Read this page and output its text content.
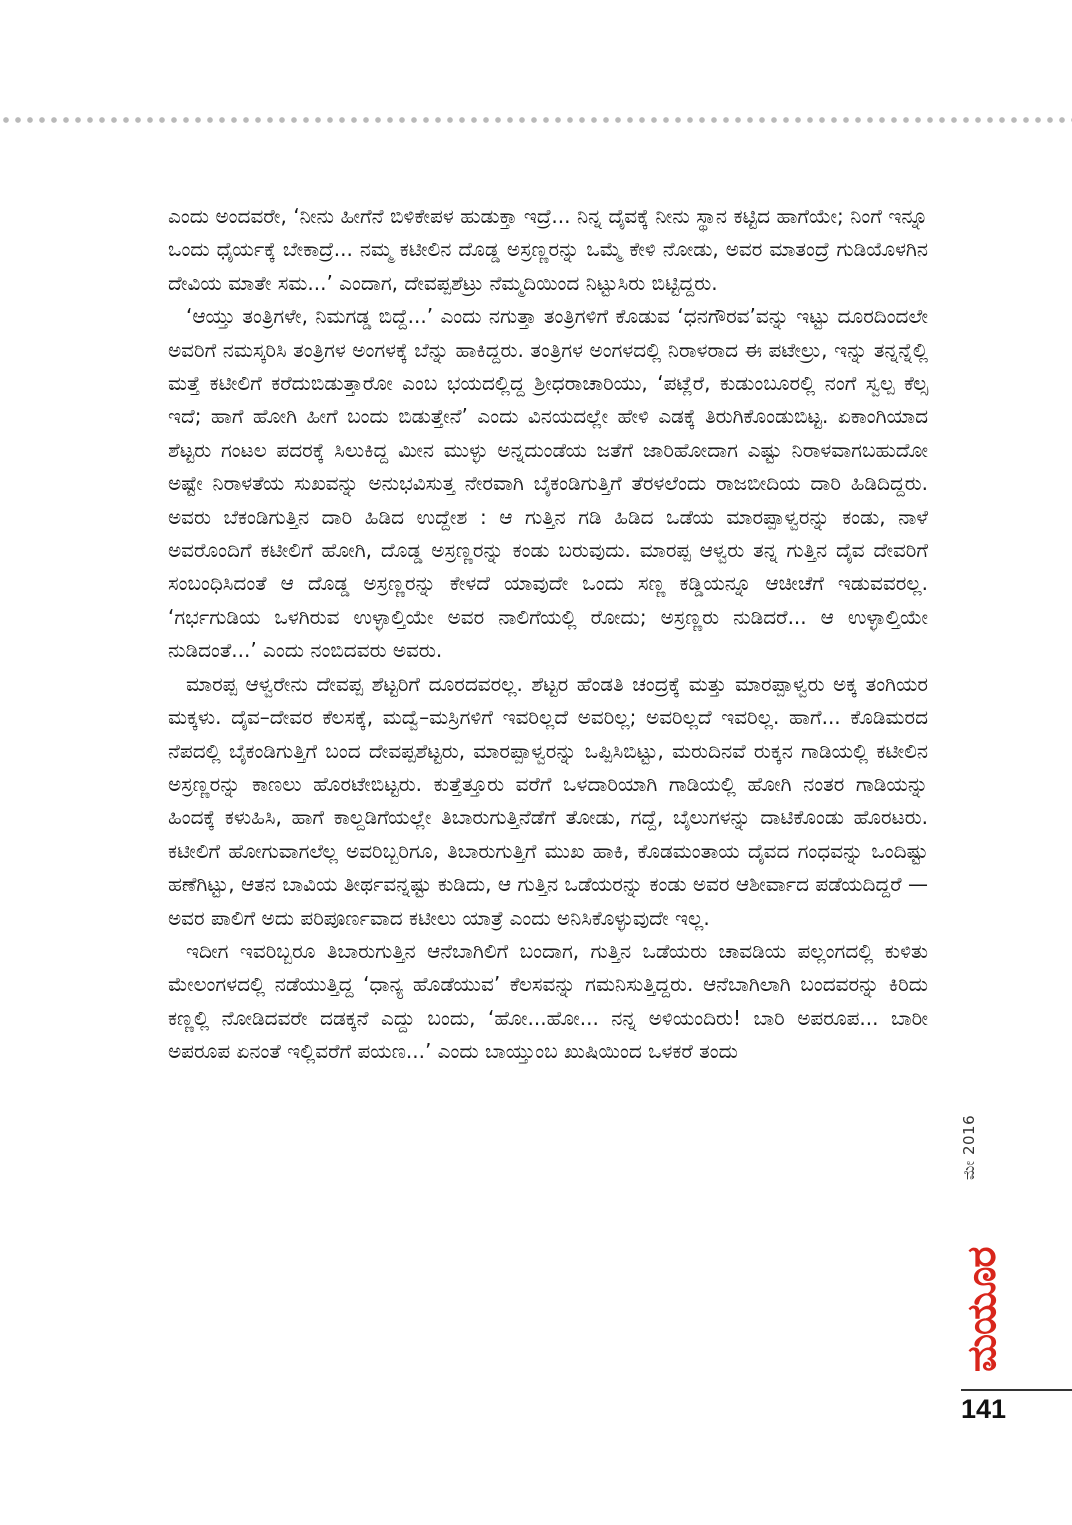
ಎಂದು ಅಂದವರೇ, ‘ನೀನು ಹೀಗೆನೆ ಬಿಳಿಕೇಪಳ ಹುಡುಕ್ತಾ ಇದ್ರೆ... ನಿನ್ನ ದೈವಕ್ಕೆ ನೀನು ಸ್ಥಾನ ಕಟ್ಟಿದ ಹಾಗೆಯೇ; ನಿಂಗೆ ಇನ್ನೂ ಒಂದು ಧೈರ್ಯಕ್ಕೆ ಬೇಕಾದ್ರೆ... ನಮ್ಮ ಕಟೀಲಿನ ದೊಡ್ಡ ಅಸ್ರಣ್ಣರನ್ನು ಒಮ್ಮೆ ಕೇಳಿ ನೋಡು, ಅವರ ಮಾತಂದ್ರೆ ಗುಡಿಯೊಳಗಿನ ದೇವಿಯ ಮಾತೇ ಸಮ...’ ಎಂದಾಗ, ದೇವಪ್ಪಶೆಟ್ರು ನೆಮ್ಮದಿಯಿಂದ ನಿಟ್ಟುಸಿರು ಬಿಟ್ಟಿದ್ದರು.

‘ಆಯ್ತು ತಂತ್ರಿಗಳೇ, ನಿಮಗಡ್ಡ ಬಿದ್ದೆ...’ ಎಂದು ನಗುತ್ತಾ ತಂತ್ರಿಗಳಿಗೆ ಕೊಡುವ ‘ಧನಗೌರವ’ವನ್ನು ಇಟ್ಟು ದೂರದಿಂದಲೇ ಅವರಿಗೆ ನಮಸ್ಕರಿಸಿ ತಂತ್ರಿಗಳ ಅಂಗಳಕ್ಕೆ ಬೆನ್ನು ಹಾಕಿದ್ದರು. ತಂತ್ರಿಗಳ ಅಂಗಳದಲ್ಲಿ ನಿರಾಳರಾದ ಈ ಪಟೇಲ್ರು, ಇನ್ನು ತನ್ನನ್ನೆಲ್ಲಿ ಮತ್ತೆ ಕಟೀಲಿಗೆ ಕರೆದುಬಿಡುತ್ತಾರೋ ಎಂಬ ಭಯದಲ್ಲಿದ್ದ ಶ್ರೀಧರಾಚಾರಿಯು, ‘ಪಟ್ಲೆರೆ, ಕುಡುಂಬೂರಲ್ಲಿ ನಂಗೆ ಸ್ವಲ್ಪ ಕೆಲ್ಸ ಇದೆ; ಹಾಗೆ ಹೋಗಿ ಹೀಗೆ ಬಂದು ಬಿಡುತ್ತೇನೆ’ ಎಂದು ವಿನಯದಲ್ಲೇ ಹೇಳಿ ಎಡಕ್ಕೆ ತಿರುಗಿಕೊಂಡುಬಿಟ್ಟ. ಏಕಾಂಗಿಯಾದ ಶೆಟ್ಟರು ಗಂಟಲ ಪದರಕ್ಕೆ ಸಿಲುಕಿದ್ದ ಮೀನ ಮುಳ್ಳು ಅನ್ನದುಂಡೆಯ ಜತೆಗೆ ಜಾರಿಹೋದಾಗ ಎಷ್ಟು ನಿರಾಳವಾಗಬಹುದೋ ಅಷ್ಟೇ ನಿರಾಳತೆಯ ಸುಖವನ್ನು ಅನುಭವಿಸುತ್ತ ನೇರವಾಗಿ ಬೈಕಂಡಿಗುತ್ತಿಗೆ ತೆರಳಲೆಂದು ರಾಜಬೀದಿಯ ದಾರಿ ಹಿಡಿದಿದ್ದರು. ಅವರು ಬೆಕಂಡಿಗುತ್ತಿನ ದಾರಿ ಹಿಡಿದ ಉದ್ದೇಶ : ಆ ಗುತ್ತಿನ ಗಡಿ ಹಿಡಿದ ಒಡೆಯ ಮಾರಪ್ಪಾಳ್ವರನ್ನು ಕಂಡು, ನಾಳೆ ಅವರೊಂದಿಗೆ ಕಟೀಲಿಗೆ ಹೋಗಿ, ದೊಡ್ಡ ಅಸ್ರಣ್ಣರನ್ನು ಕಂಡು ಬರುವುದು. ಮಾರಪ್ಪ ಆಳ್ವರು ತನ್ನ ಗುತ್ತಿನ ದೈವ ದೇವರಿಗೆ ಸಂಬಂಧಿಸಿದಂತೆ ಆ ದೊಡ್ಡ ಅಸ್ರಣ್ಣರನ್ನು ಕೇಳದೆ ಯಾವುದೇ ಒಂದು ಸಣ್ಣ ಕಡ್ಡಿಯನ್ನೂ ಆಚೀಚೆಗೆ ಇಡುವವರಲ್ಲ. ‘ಗರ್ಭಗುಡಿಯ ಒಳಗಿರುವ ಉಳ್ಳಾಲ್ತಿಯೇ ಅವರ ನಾಲಿಗೆಯಲ್ಲಿ ರೋದು; ಅಸ್ರಣ್ಣರು ನುಡಿದರೆ... ಆ ಉಳ್ಳಾಲ್ತಿಯೇ ನುಡಿದಂತೆ...’ ಎಂದು ನಂಬಿದವರು ಅವರು.

ಮಾರಪ್ಪ ಆಳ್ವರೇನು ದೇವಪ್ಪ ಶೆಟ್ಟರಿಗೆ ದೂರದವರಲ್ಲ. ಶೆಟ್ಟರ ಹೆಂಡತಿ ಚಂದ್ರಕ್ಕೆ ಮತ್ತು ಮಾರಪ್ಪಾಳ್ವರು ಅಕ್ಕ ತಂಗಿಯರ ಮಕ್ಕಳು. ದೈವ–ದೇವರ ಕೆಲಸಕ್ಕೆ, ಮದ್ವೆ–ಮಸ್ರಿಗಳಿಗೆ ಇವರಿಲ್ಲದೆ ಅವರಿಲ್ಲ; ಅವರಿಲ್ಲದೆ ಇವರಿಲ್ಲ. ಹಾಗೆ... ಕೊಡಿಮರದ ನೆಪದಲ್ಲಿ ಬೈಕಂಡಿಗುತ್ತಿಗೆ ಬಂದ ದೇವಪ್ಪಶೆಟ್ಟರು, ಮಾರಪ್ಪಾಳ್ವರನ್ನು ಒಪ್ಪಿಸಿಬಿಟ್ಟು, ಮರುದಿನವೆ ರುಕ್ಕನ ಗಾಡಿಯಲ್ಲಿ ಕಟೀಲಿನ ಅಸ್ರಣ್ಣರನ್ನು ಕಾಣಲು ಹೊರಟೇಬಿಟ್ಟರು. ಕುತ್ತೆತ್ತೂರು ವರೆಗೆ ಒಳದಾರಿಯಾಗಿ ಗಾಡಿಯಲ್ಲಿ ಹೋಗಿ ನಂತರ ಗಾಡಿಯನ್ನು ಹಿಂದಕ್ಕೆ ಕಳುಹಿಸಿ, ಹಾಗೆ ಕಾಲ್ದಡಿಗೆಯಲ್ಲೇ ತಿಬಾರುಗುತ್ತಿನೆಡೆಗೆ ತೋಡು, ಗದ್ದೆ, ಬೈಲುಗಳನ್ನು ದಾಟಿಕೊಂಡು ಹೊರಟರು. ಕಟೀಲಿಗೆ ಹೋಗುವಾಗಲೆಲ್ಲ ಅವರಿಬ್ಬರಿಗೂ, ತಿಬಾರುಗುತ್ತಿಗೆ ಮುಖ ಹಾಕಿ, ಕೊಡಮಂತಾಯ ದೈವದ ಗಂಧವನ್ನು ಒಂದಿಷ್ಟು ಹಣೆಗಿಟ್ಟು, ಆತನ ಬಾವಿಯ ತೀರ್ಥವನ್ನಷ್ಟು ಕುಡಿದು, ಆ ಗುತ್ತಿನ ಒಡೆಯರನ್ನು ಕಂಡು ಅವರ ಆಶೀರ್ವಾದ ಪಡೆಯದಿದ್ದರೆ — ಅವರ ಪಾಲಿಗೆ ಅದು ಪರಿಪೂರ್ಣವಾದ ಕಟೀಲು ಯಾತ್ರೆ ಎಂದು ಅನಿಸಿಕೊಳ್ಳುವುದೇ ಇಲ್ಲ.

ಇದೀಗ ಇವರಿಬ್ಬರೂ ತಿಬಾರುಗುತ್ತಿನ ಆನೆಬಾಗಿಲಿಗೆ ಬಂದಾಗ, ಗುತ್ತಿನ ಒಡೆಯರು ಚಾವಡಿಯ ಪಲ್ಲಂಗದಲ್ಲಿ ಕುಳಿತು ಮೇಲಂಗಳದಲ್ಲಿ ನಡೆಯುತ್ತಿದ್ದ ‘ಧಾನ್ಯ ಹೊಡೆಯುವ’ ಕೆಲಸವನ್ನು ಗಮನಿಸುತ್ತಿದ್ದರು. ಆನೆಬಾಗಿಲಾಗಿ ಬಂದವರನ್ನು ಕಿರಿದು ಕಣ್ಣಲ್ಲಿ ನೋಡಿದವರೇ ದಡಕ್ಕನೆ ಎದ್ದು ಬಂದು, ‘ಹೋ...ಹೋ... ನನ್ನ ಅಳಿಯಂದಿರು! ಬಾರಿ ಅಪರೂಪ... ಬಾರೀ ಅಪರೂಪ ಏನಂತೆ ಇಲ್ಲಿವರೆಗೆ ಪಯಣ...’ ಎಂದು ಬಾಯ್ತುಂಬ ಖುಷಿಯಿಂದ ಒಳಕರೆ ತಂದು

ಮೇ 2016
ಮಯೂರ
141
